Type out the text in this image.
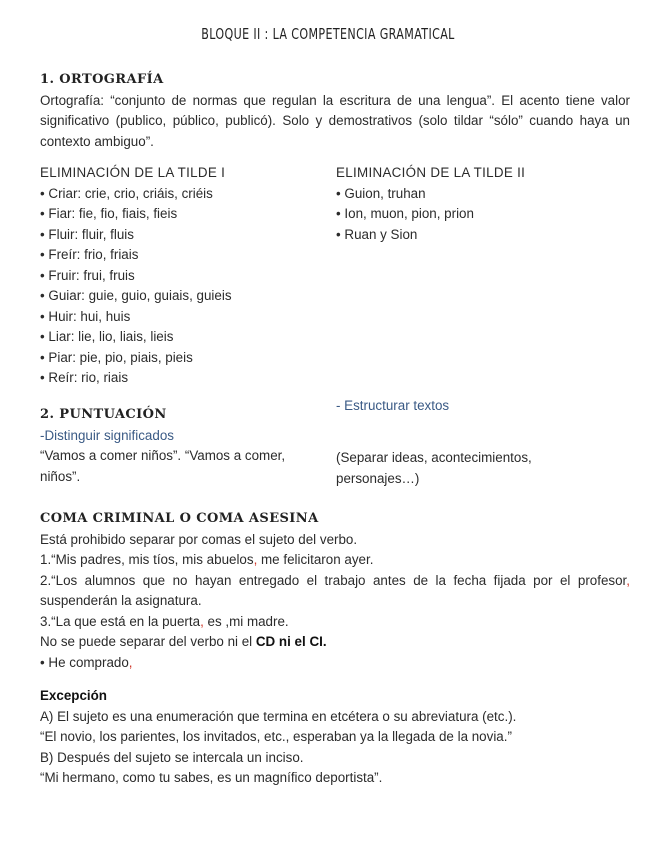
BLOQUE II : LA COMPETENCIA GRAMATICAL
1. ORTOGRAFÍA

Ortografía: “conjunto de normas que regulan la escritura de una lengua”. El acento tiene valor significativo (publico, público, publicó). Solo y demostrativos (solo tildar “sólo” cuando haya un contexto ambiguo”.

ELIMINACIÓN DE LA TILDE I
• Criar: crie, crio, criáis, criéis
• Fiar: fie, fio, fiais, fieis
• Fluir: fluir, fluis
• Freír: frio, friais
• Fruir: frui, fruis
• Guiar: guie, guio, guiais, guieis
• Huir: hui, huis
• Liar: lie, lio, liais, lieis
• Piar: pie, pio, piais, pieis
• Reír: rio, riais
ELIMINACIÓN DE LA TILDE II
• Guion, truhan
• Ion, muon, pion, prion
• Ruan y Sion
2. PUNTUACIÓN
-Distinguir significados

“Vamos a comer niños”. “Vamos a comer, niños”.

- Estructurar textos

(Separar ideas, acontecimientos, personajes…)

COMA CRIMINAL O COMA ASESINA

Está prohibido separar por comas el sujeto del verbo.

1.“Mis padres, mis tíos, mis abuelos, me felicitaron ayer.

2.“Los alumnos que no hayan entregado el trabajo antes de la fecha fijada por el profesor, suspenderán la asignatura.

3.“La que está en la puerta, es ,mi madre.

No se puede separar del verbo ni el CD ni el CI.

• He comprado,

Excepción

A) El sujeto es una enumeración que termina en etcétera o su abreviatura (etc.).

“El novio, los parientes, los invitados, etc., esperaban ya la llegada de la novia.”

B) Después del sujeto se intercala un inciso.

“Mi hermano, como tu sabes, es un magnífico deportista”.
